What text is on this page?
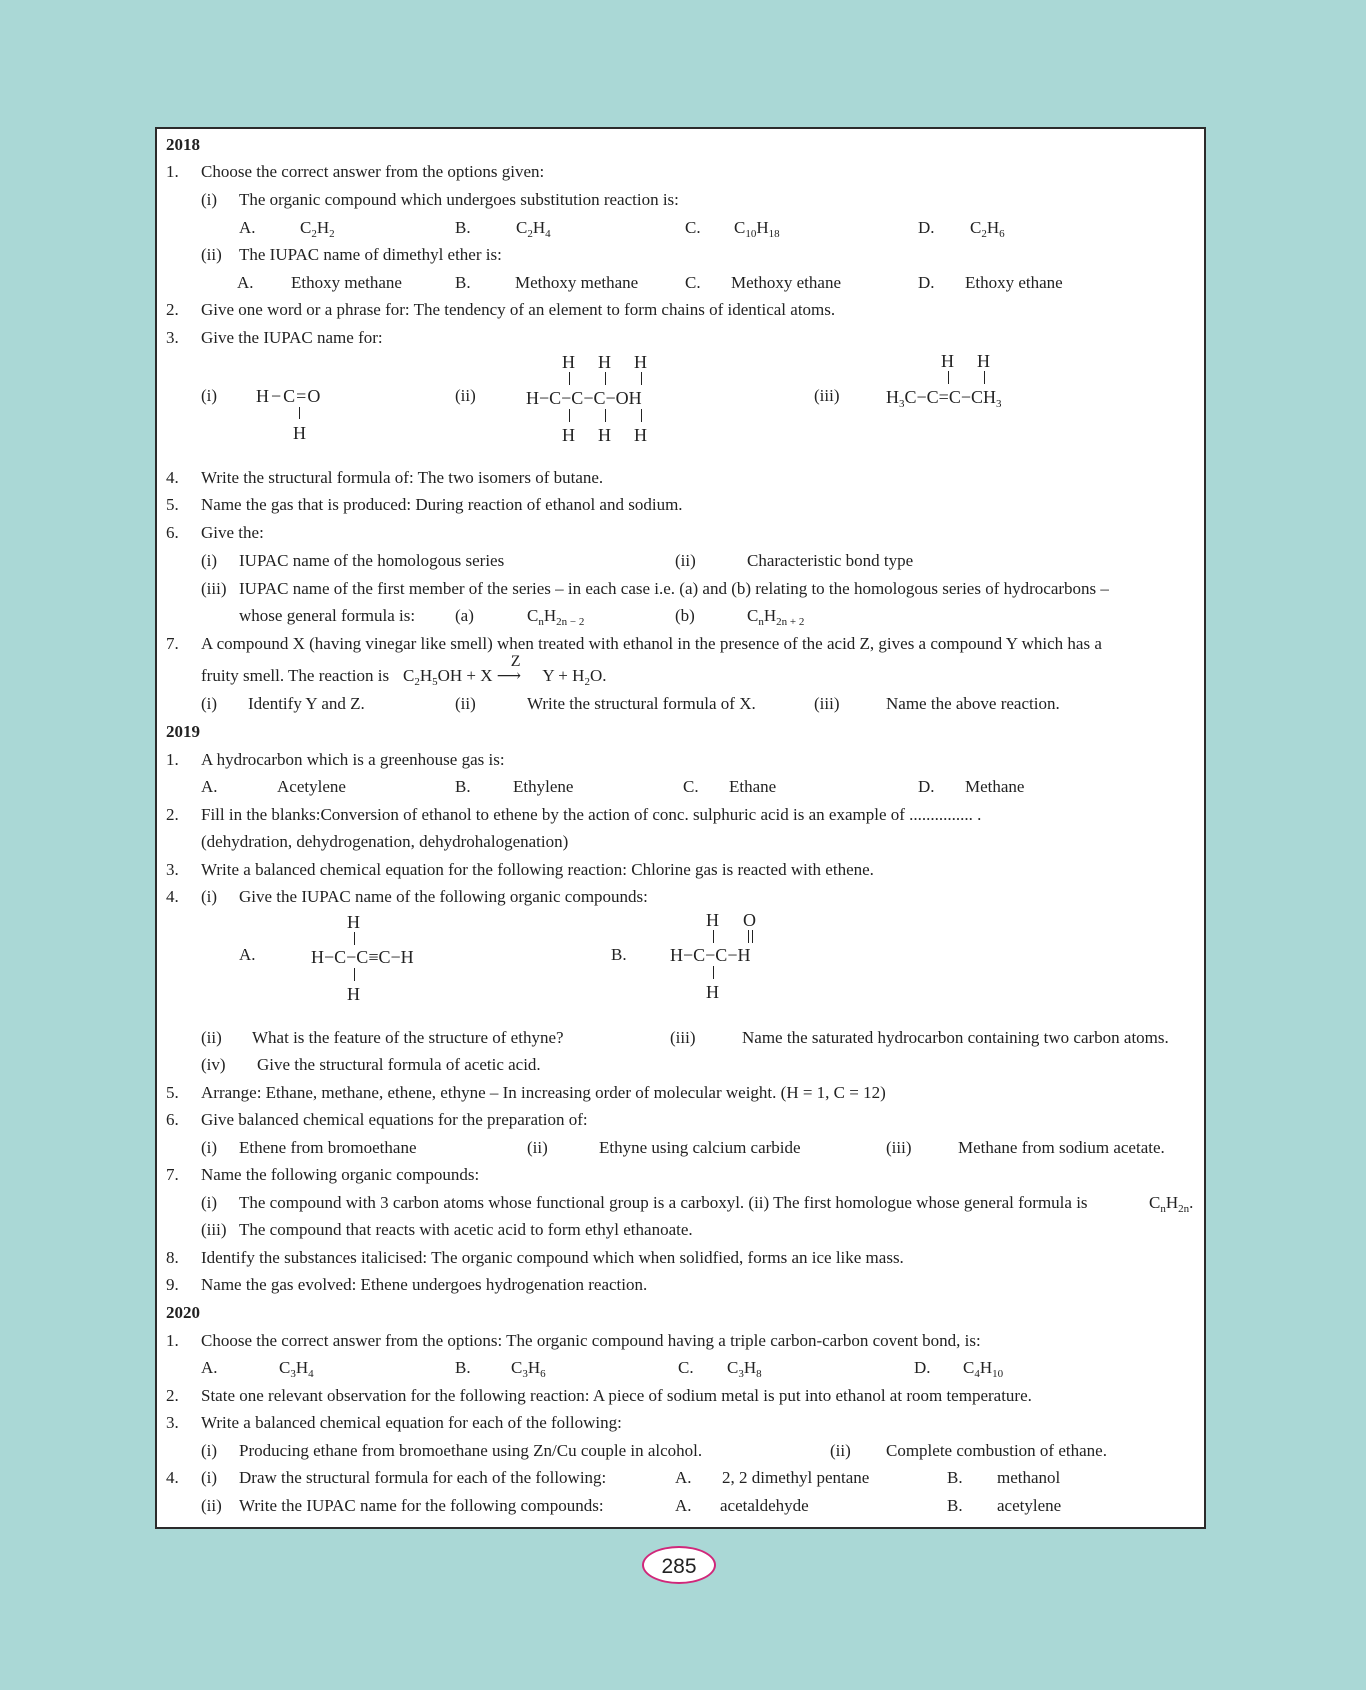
2018
1. Choose the correct answer from the options given:
(i) The organic compound which undergoes substitution reaction is:
A.	$C_2H_2$	B.	$C_2H_4$	C. $C_{10}H_{18}$	D. $C_2H_6$
(ii) The IUPAC name of dimethyl ether is:
A. Ethoxy methane	B.	Methoxy methane	C. Methoxy ethane	D. Ethoxy ethane
2. Give one word or a phrase for: The tendency of an element to form chains of identical atoms.
3. Give the IUPAC name for:
(i) H − C=O
H
(ii)
H H H
H−C−C−C−OH
H H H
(iii)
H H
$H_3C-C=C-CH_3$
4. Write the structural formula of: The two isomers of butane.
5. Name the gas that is produced: During reaction of ethanol and sodium.
6. Give the:
(i) IUPAC name of the homologous series	(ii)	Characteristic bond type
(iii) IUPAC name of the first member of the series – in each case i.e. (a) and (b) relating to the homologous series of hydrocarbons –
whose general formula is: (a)	$C_nH_{2n - 2}$	(b)	$C_nH_{2n + 2}$
7. A compound X (having vinegar like smell) when treated with ethanol in the presence of the acid Z, gives a compound Y which has a
fruity smell. The reaction is $C_2H_5OH + X$
Z
⟶ $Y + H_2O$.
(i) Identify Y and Z.	(ii)	Write the structural formula of X.	(iii)	Name the above reaction.
2019
1. A hydrocarbon which is a greenhouse gas is:
A.	Acetylene	B. Ethylene	C. Ethane	D. Methane
2. Fill in the blanks:Conversion of ethanol to ethene by the action of conc. sulphuric acid is an example of ............... .
(dehydration, dehydrogenation, dehydrohalogenation)
3. Write a balanced chemical equation for the following reaction: Chlorine gas is reacted with ethene.
4. (i) Give the IUPAC name of the following organic compounds:
A.
H
H−C−C≡C−H
H
B.
H O
H−C−C−H
H
(ii) What is the feature of the structure of ethyne?	(iii)	Name the saturated hydrocarbon containing two carbon atoms.
(iv) Give the structural formula of acetic acid.
5. Arrange: Ethane, methane, ethene, ethyne – In increasing order of molecular weight. (H = 1, C = 12)
6. Give balanced chemical equations for the preparation of:
(i) Ethene from bromoethane	(ii)	Ethyne using calcium carbide	(iii)	Methane from sodium acetate.
7. Name the following organic compounds:
(i) The compound with 3 carbon atoms whose functional group is a carboxyl. (ii) The first homologue whose general formula is	$C_nH_{2n}$.
(iii) The compound that reacts with acetic acid to form ethyl ethanoate.
8. Identify the substances italicised: The organic compound which when solidfied, forms an ice like mass.
9. Name the gas evolved: Ethene undergoes hydrogenation reaction.
2020
1. Choose the correct answer from the options: The organic compound having a triple carbon-carbon covent bond, is:
A.	$C_3H_4$	B. $C_3H_6$	C. $C_3H_8$	D. $C_4H_{10}$
2. State one relevant observation for the following reaction: A piece of sodium metal is put into ethanol at room temperature.
3. Write a balanced chemical equation for each of the following:
(i) Producing ethane from bromoethane using Zn/Cu couple in alcohol.	(ii) Complete combustion of ethane.
4. (i) Draw the structural formula for each of the following:	A. 2, 2 dimethyl pentane	B. methanol
(ii) Write the IUPAC name for the following compounds:	A. acetaldehyde	B. acetylene
285
